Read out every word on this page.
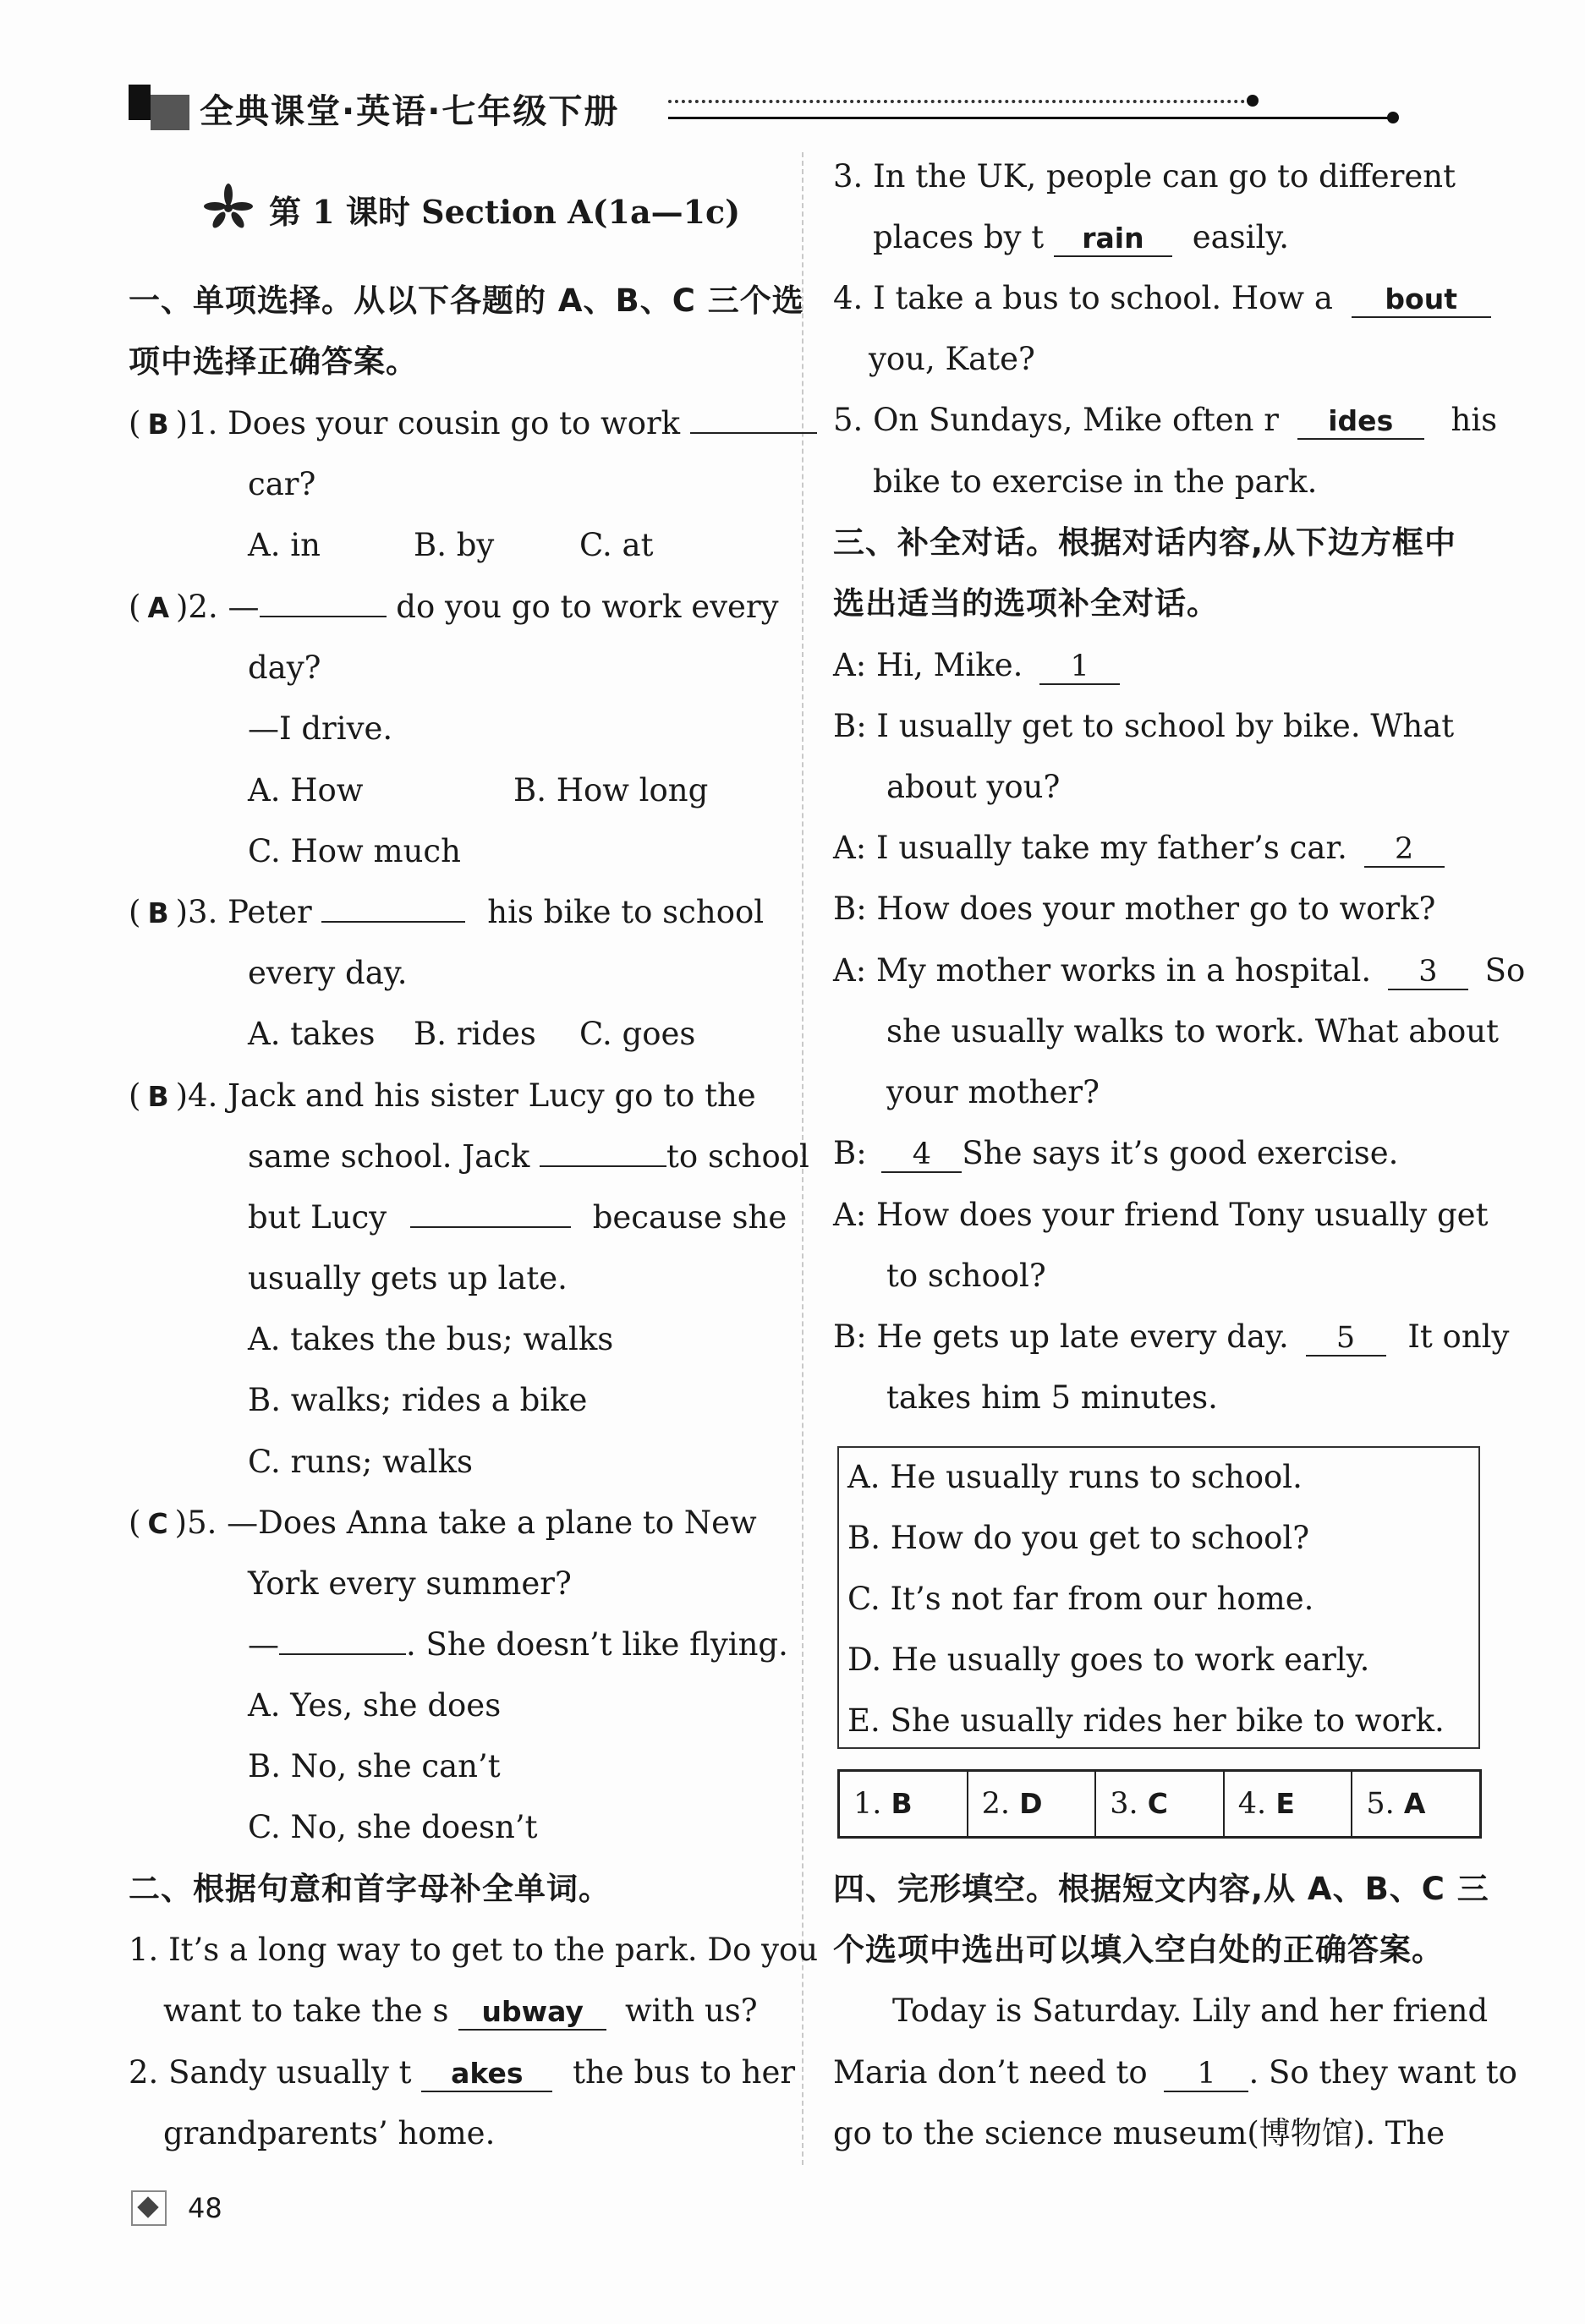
全典课堂·英语·七年级下册
第 1 课时 Section A(1a—1c)
一、单项选择。从以下各题的 A、B、C 三个选
项中选择正确答案。
( B )1. Does your cousin go to work
car?
A. in	B. by	C. at
( A )2. —	do you go to work every
day?
—I drive.
A. How	B. How long
C. How much
( B )3. Peter	his bike to school
every day.
A. takes B. rides C. goes
( B )4. Jack and his sister Lucy go to the
same school. Jack	to school
but Lucy	because she
usually gets up late.
A. takes the bus; walks
B. walks; rides a bike
C. runs; walks
( C )5. —Does Anna take a plane to New
York every summer?
—	. She doesn’t like flying.
A. Yes, she does
B. No, she can’t
C. No, she doesn’t
二、根据句意和首字母补全单词。
1. It’s a long way to get to the park. Do you
want to take the s ubway with us?
2. Sandy usually t akes the bus to her
grandparents’ home.
3. In the UK, people can go to different
places by t rain easily.
4. I take a bus to school. How a bout
you, Kate?
5. On Sundays, Mike often r ides his
bike to exercise in the park.
三、补全对话。根据对话内容,从下边方框中
选出适当的选项补全对话。
A: Hi, Mike. 1
B: I usually get to school by bike. What
about you?
A: I usually take my father’s car. 2
B: How does your mother go to work?
A: My mother works in a hospital. 3 So
she usually walks to work. What about
your mother?
B: 4 She says it’s good exercise.
A: How does your friend Tony usually get
to school?
B: He gets up late every day. 5 It only
takes him 5 minutes.
A. He usually runs to school.
B. How do you get to school?
C. It’s not far from our home.
D. He usually goes to work early.
E. She usually rides her bike to work.
1. B	2. D	3. C	4. E	5. A
四、完形填空。根据短文内容,从 A、B、C 三
个选项中选出可以填入空白处的正确答案。
Today is Saturday. Lily and her friend
Maria don’t need to 1 . So they want to
go to the science museum(博物馆). The
48
